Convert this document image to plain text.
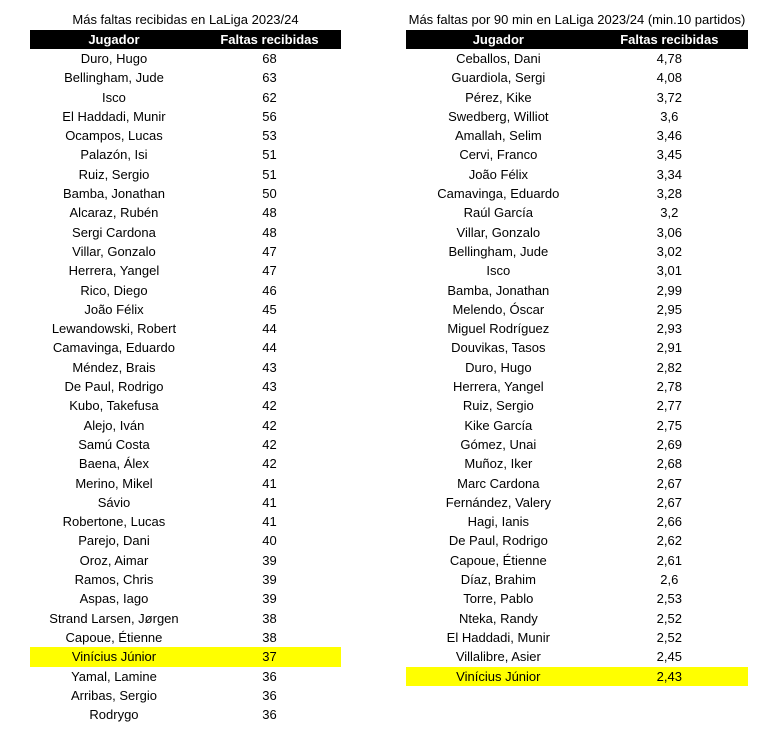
Más faltas recibidas en LaLiga 2023/24
Jugador	Faltas recibidas
Duro, Hugo	68
Bellingham, Jude	63
Isco	62
El Haddadi, Munir	56
Ocampos, Lucas	53
Palazón, Isi	51
Ruiz, Sergio	51
Bamba, Jonathan	50
Alcaraz, Rubén	48
Sergi Cardona	48
Villar, Gonzalo	47
Herrera, Yangel	47
Rico, Diego	46
João Félix	45
Lewandowski, Robert	44
Camavinga, Eduardo	44
Méndez, Brais	43
De Paul, Rodrigo	43
Kubo, Takefusa	42
Alejo, Iván	42
Samú Costa	42
Baena, Álex	42
Merino, Mikel	41
Sávio	41
Robertone, Lucas	41
Parejo, Dani	40
Oroz, Aimar	39
Ramos, Chris	39
Aspas, Iago	39
Strand Larsen, Jørgen	38
Capoue, Étienne	38
Vinícius Júnior	37
Yamal, Lamine	36
Arribas, Sergio	36
Rodrygo	36
Más faltas por 90 min en LaLiga 2023/24 (min.10 partidos)
Jugador	Faltas recibidas
Ceballos, Dani	4,78
Guardiola, Sergi	4,08
Pérez, Kike	3,72
Swedberg, Williot	3,6
Amallah, Selim	3,46
Cervi, Franco	3,45
João Félix	3,34
Camavinga, Eduardo	3,28
Raúl García	3,2
Villar, Gonzalo	3,06
Bellingham, Jude	3,02
Isco	3,01
Bamba, Jonathan	2,99
Melendo, Óscar	2,95
Miguel Rodríguez	2,93
Douvikas, Tasos	2,91
Duro, Hugo	2,82
Herrera, Yangel	2,78
Ruiz, Sergio	2,77
Kike García	2,75
Gómez, Unai	2,69
Muñoz, Iker	2,68
Marc Cardona	2,67
Fernández, Valery	2,67
Hagi, Ianis	2,66
De Paul, Rodrigo	2,62
Capoue, Étienne	2,61
Díaz, Brahim	2,6
Torre, Pablo	2,53
Nteka, Randy	2,52
El Haddadi, Munir	2,52
Villalibre, Asier	2,45
Vinícius Júnior	2,43
